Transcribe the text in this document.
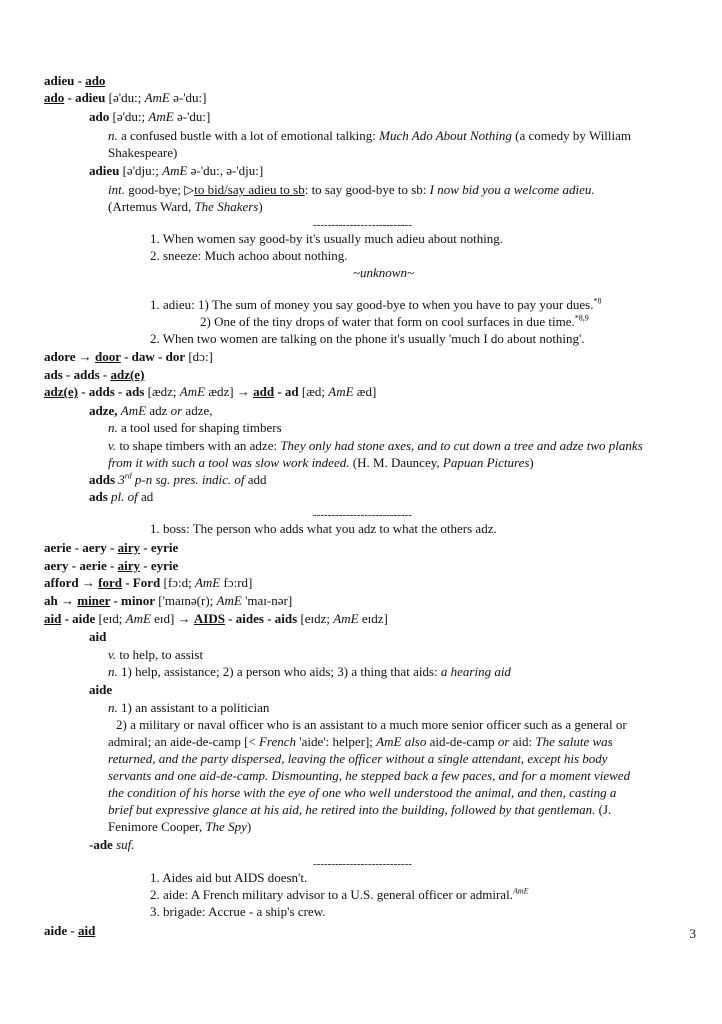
adieu - ado
ado - adieu [ə'du:; AmE ə-'du:]
ado [ə'du:; AmE ə-'du:]
n. a confused bustle with a lot of emotional talking: Much Ado About Nothing (a comedy by William
Shakespeare)
adieu [ə'dju:; AmE ə-'du:, ə-'dju:]
int. good-bye; ▷to bid/say adieu to sb: to say good-bye to sb: I now bid you a welcome adieu.
(Artemus Ward, The Shakers)
---------------------------
1. When women say good-by it's usually much adieu about nothing.
2. sneeze: Much achoo about nothing.
~unknown~
1. adieu: 1) The sum of money you say good-bye to when you have to pay your dues.$^{*8}$
2) One of the tiny drops of water that form on cool surfaces in due time.$^{*8,9}$
2. When two women are talking on the phone it's usually 'much I do about nothing'.
adore → door - daw - dor [dɔ:]
ads - adds - adz(e)
adz(e) - adds - ads [ædz; AmE ædz] → add - ad [æd; AmE æd]
adze, AmE adz or adze,
n. a tool used for shaping timbers
v. to shape timbers with an adze: They only had stone axes, and to cut down a tree and adze two planks
from it with such a tool was slow work indeed. (H. M. Dauncey, Papuan Pictures)
adds 3rd p-n sg. pres. indic. of add
ads pl. of ad
---------------------------
1. boss: The person who adds what you adz to what the others adz.
aerie - aery - airy - eyrie
aery - aerie - airy - eyrie
afford → ford - Ford [fɔ:d; AmE fɔ:rd]
ah → miner - minor ['maɪnə(r); AmE 'maɪ-nər]
aid - aide [eɪd; AmE eɪd] → AIDS - aides - aids [eɪdz; AmE eɪdz]
aid
v. to help, to assist
n. 1) help, assistance; 2) a person who aids; 3) a thing that aids: a hearing aid
aide
n. 1) an assistant to a politician
2) a military or naval officer who is an assistant to a much more senior officer such as a general or
admiral; an aide-de-camp [< French 'aide': helper]; AmE also aid-de-camp or aid: The salute was
returned, and the party dispersed, leaving the officer without a single attendant, except his body
servants and one aid-de-camp. Dismounting, he stepped back a few paces, and for a moment viewed
the condition of his horse with the eye of one who well understood the animal, and then, casting a
brief but expressive glance at his aid, he retired into the building, followed by that gentleman. (J.
Fenimore Cooper, The Spy)
-ade suf.
---------------------------
1. Aides aid but AIDS doesn't.
2. aide: A French military advisor to a U.S. general officer or admiral.$^{AmE}$
3. brigade: Accrue - a ship's crew.
aide - aid	3
